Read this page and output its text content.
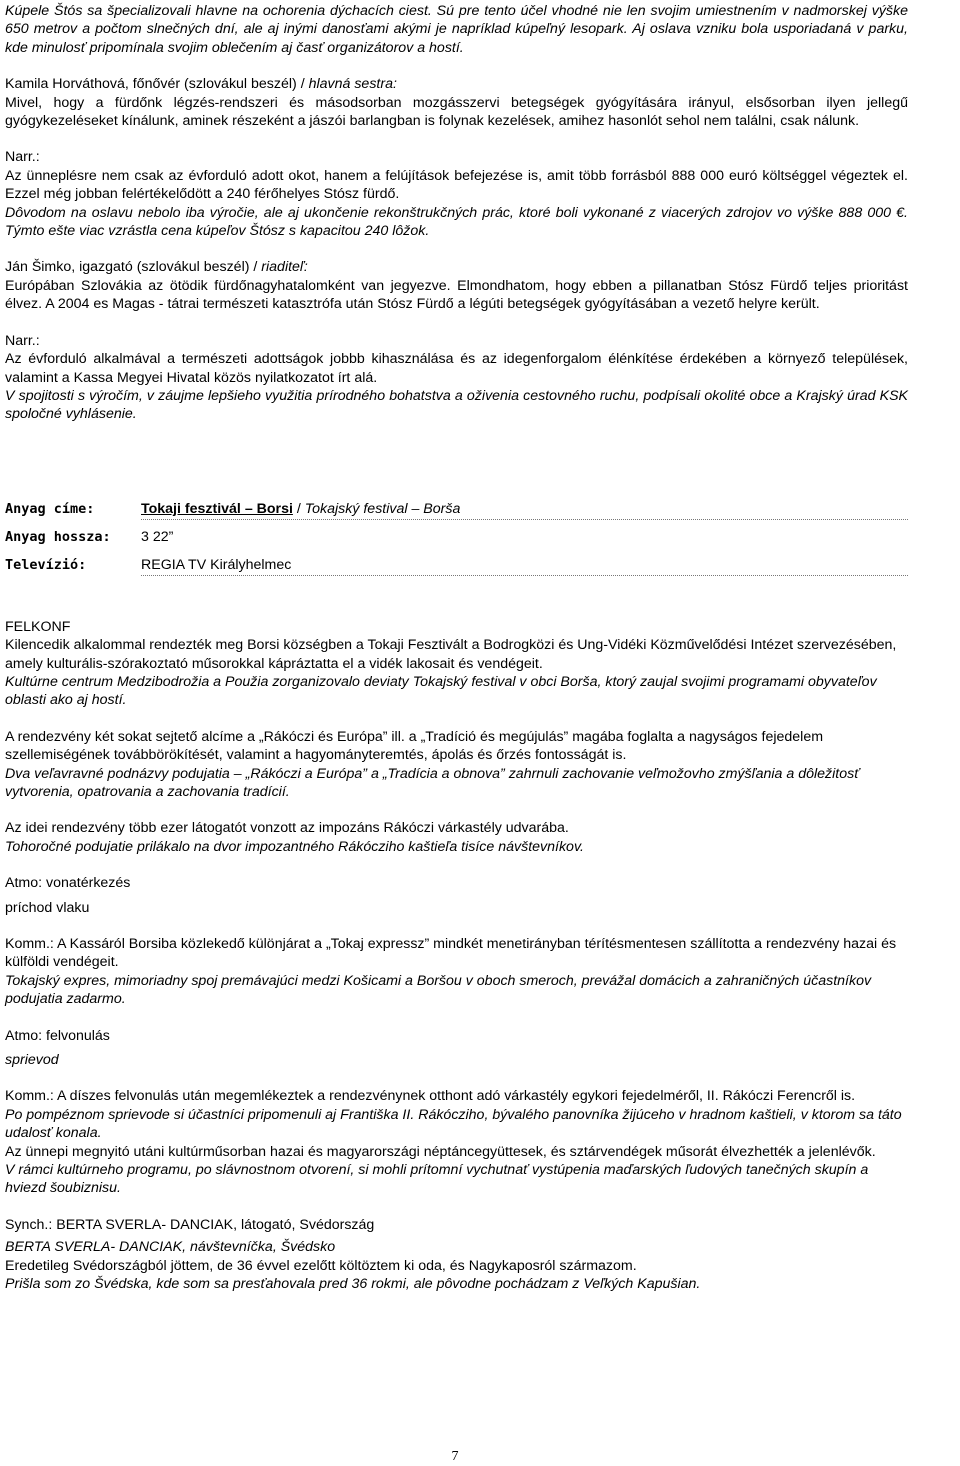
Kúpele Štós sa špecializovali hlavne na ochorenia dýchacích ciest. Sú pre tento účel vhodné nie len svojim umiestnením v nadmorskej výške 650 metrov a počtom slnečných dní, ale aj inými danosťami akými je napríklad kúpeľný lesopark. Aj oslava vzniku bola usporiadaná v parku, kde minulosť pripomínala svojim oblečením aj časť organizátorov a hostí.

Kamila Horváthová, főnővér (szlovákul beszél) / hlavná sestra:

Mivel, hogy a fürdőnk légzés-rendszeri és másodsorban mozgásszervi betegségek gyógyítására irányul, elsősorban ilyen jellegű gyógykezeléseket kínálunk, aminek részeként a jászói barlangban is folynak kezelések, amihez hasonlót sehol nem találni, csak nálunk.

Narr.:

Az ünneplésre nem csak az évforduló adott okot, hanem a felújítások befejezése is, amit több forrásból 888 000 euró költséggel végeztek el. Ezzel még jobban felértékelődött a 240 férőhelyes Stósz fürdő.

Dôvodom na oslavu nebolo iba výročie, ale aj ukončenie rekonštrukčných prác, ktoré boli vykonané z viacerých zdrojov vo výške 888 000 €. Týmto ešte viac vzrástla cena kúpeľov Štósz s kapacitou 240 lôžok.

Ján Šimko, igazgató (szlovákul beszél) / riaditeľ:

Európában Szlovákia az ötödik fürdőnagyhatalomként van jegyezve. Elmondhatom, hogy ebben a pillanatban Stósz Fürdő teljes prioritást élvez. A 2004 es Magas - tátrai természeti katasztrófa után Stósz Fürdő a légúti betegségek gyógyításában a vezető helyre került.

Narr.:

Az évforduló alkalmával a természeti adottságok jobbb kihasználása és az idegenforgalom élénkítése érdekében a környező települések, valamint a Kassa Megyei Hivatal közös nyilatkozatot írt alá.

V spojitosti s výročím, v záujme lepšieho využitia prírodného bohatstva a oživenia cestovného ruchu, podpísali okolité obce a Krajský úrad KSK spoločné vyhlásenie.

Anyag címe:	Tokaji fesztivál – Borsi / Tokajský festival – Borša
Anyag hossza: 3 22”
Televízió:	REGIA TV Királyhelmec

FELKONF

Kilencedik alkalommal rendezték meg Borsi községben a Tokaji Fesztivált a Bodrogközi és Ung-Vidéki Közművelődési Intézet szervezésében, amely kulturális-szórakoztató műsorokkal kápráztatta el a vidék lakosait és vendégeit.

Kultúrne centrum Medzibodrožia a Použia zorganizovalo deviaty Tokajský festival v obci Borša, ktorý zaujal svojimi programami obyvateľov oblasti ako aj hostí.

A rendezvény két sokat sejtető alcíme a „Rákóczi és Európa” ill. a „Tradíció és megújulás” magába foglalta a nagyságos fejedelem szellemiségének továbbörökítését, valamint a hagyományteremtés, ápolás és őrzés fontosságát is.

Dva veľavravné podnázvy podujatia – „Rákóczi a Európa” a „Tradícia a obnova” zahrnuli zachovanie veľmožovho zmýšľania a dôležitosť vytvorenia, opatrovania a zachovania tradícií.

Az idei rendezvény több ezer látogatót vonzott az impozáns Rákóczi várkastély udvarába.

Tohoročné podujatie prilákalo na dvor impozantného Rákócziho kaštieľa tisíce návštevníkov.

Atmo: vonatérkezés

príchod vlaku

Komm.: A Kassáról Borsiba közlekedő különjárat a „Tokaj expressz” mindkét menetirányban térítésmentesen szállította a rendezvény hazai és külföldi vendégeit.

Tokajský expres, mimoriadny spoj premávajúci medzi Košicami a Boršou v oboch smeroch, prevážal domácich a zahraničných účastníkov podujatia zadarmo.

Atmo: felvonulás

sprievod

Komm.: A díszes felvonulás után megemlékeztek a rendezvénynek otthont adó várkastély egykori fejedelméről, II. Rákóczi Ferencről is.

Po pompéznom sprievode si účastníci pripomenuli aj Františka II. Rákócziho, bývalého panovníka žijúceho v hradnom kaštieli, v ktorom sa táto udalosť konala.

Az ünnepi megnyitó utáni kultúrműsorban hazai és magyarországi néptáncegyüttesek, és sztárvendégek műsorát élvezhették a jelenlévők.

V rámci kultúrneho programu, po slávnostnom otvorení, si mohli prítomní vychutnať vystúpenia maďarských ľudových tanečných skupín a hviezd šoubiznisu.

Synch.: BERTA SVERLA- DANCIAK, látogató, Svédország

BERTA SVERLA- DANCIAK, návštevníčka, Švédsko

Eredetileg Svédországból jöttem, de 36 évvel ezelőtt költöztem ki oda, és Nagykaposról származom.

Prišla som zo Švédska, kde som sa presťahovala pred 36 rokmi, ale pôvodne pochádzam z Veľkých Kapušian.

7
